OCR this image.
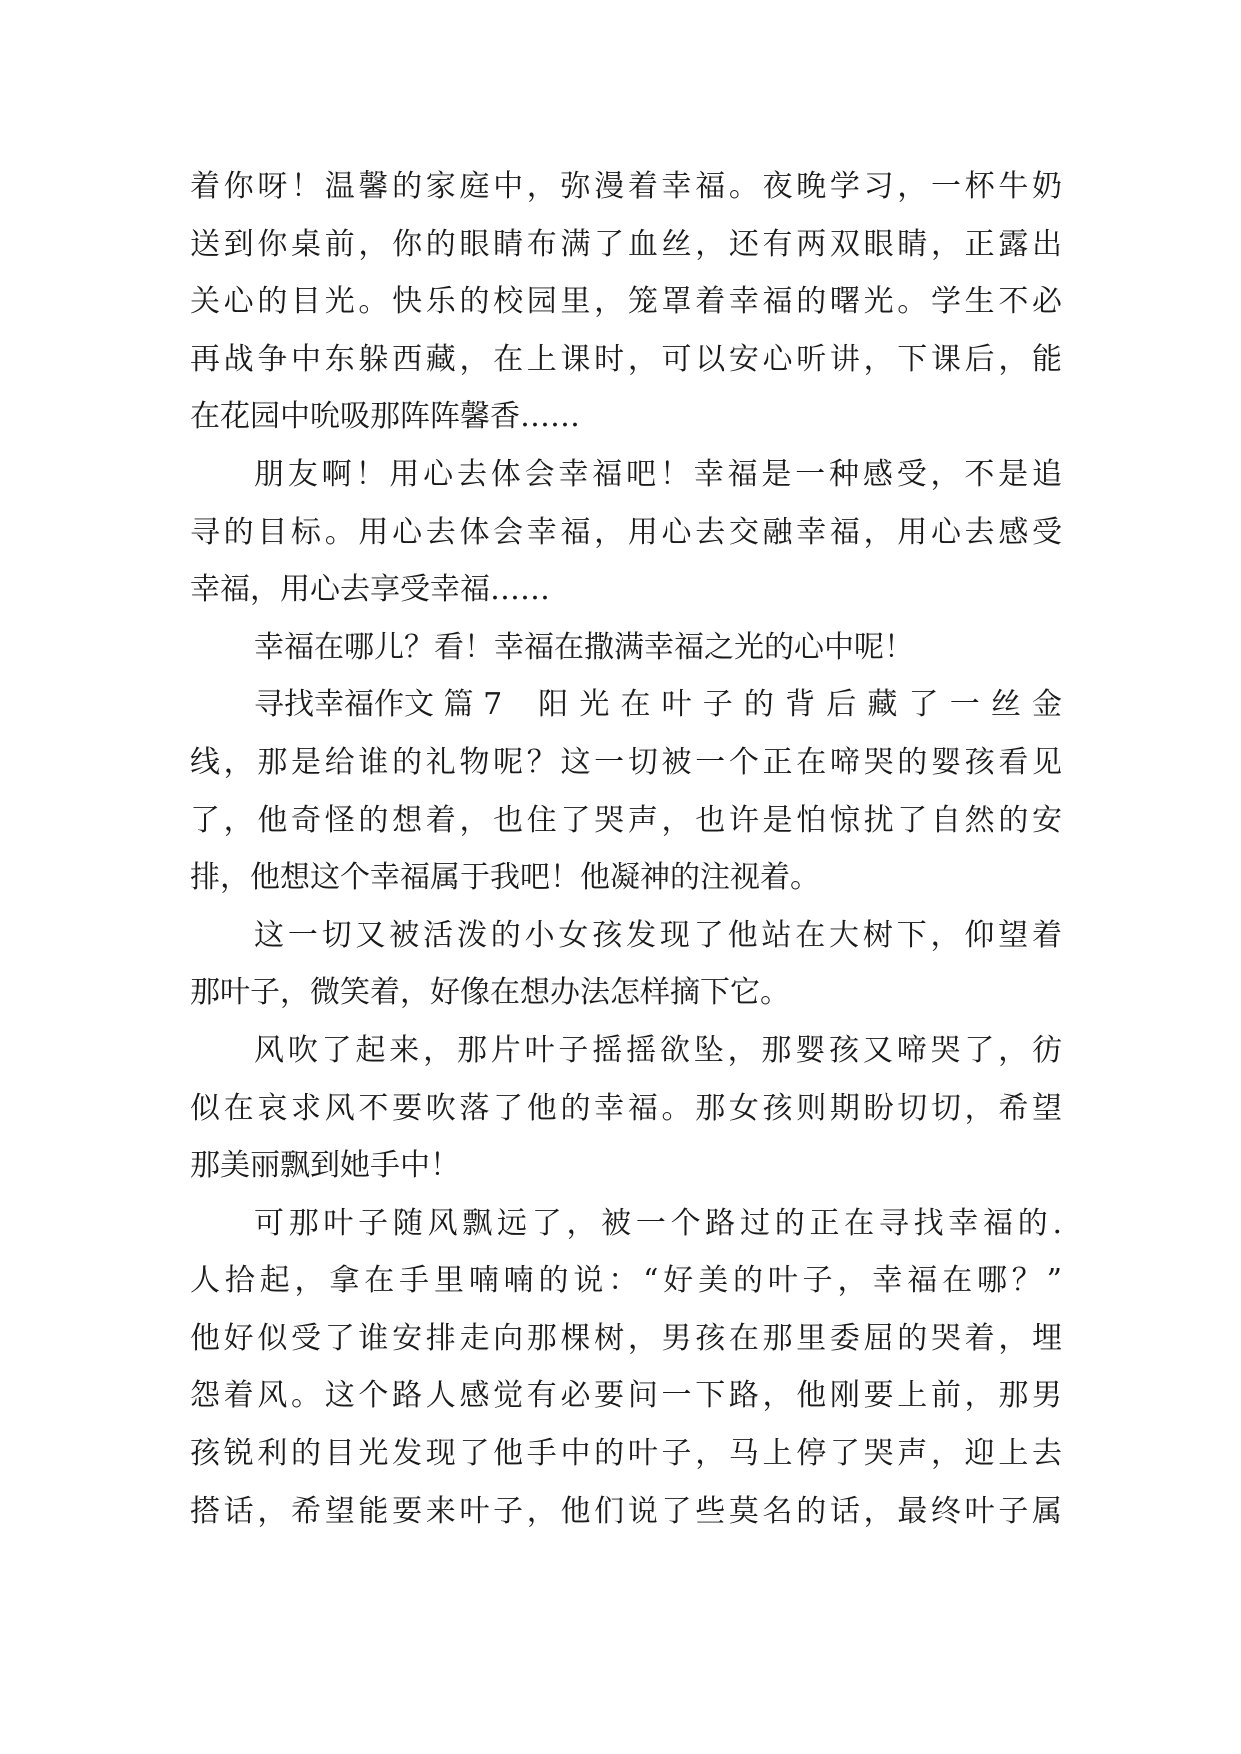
着你呀！温馨的家庭中，弥漫着幸福。夜晚学习，一杯牛奶
送到你桌前，你的眼睛布满了血丝，还有两双眼睛，正露出
关心的目光。快乐的校园里，笼罩着幸福的曙光。学生不必
再战争中东躲西藏，在上课时，可以安心听讲，下课后，能
在花园中吮吸那阵阵馨香……
朋友啊！用心去体会幸福吧！幸福是一种感受，不是追
寻的目标。用心去体会幸福，用心去交融幸福，用心去感受
幸福，用心去享受幸福……
幸福在哪儿？看！幸福在撒满幸福之光的心中呢！
寻找幸福作文 篇 7 阳光在叶子的背后藏了一丝金
线，那是给谁的礼物呢？这一切被一个正在啼哭的婴孩看见
了，他奇怪的想着，也住了哭声，也许是怕惊扰了自然的安
排，他想这个幸福属于我吧！他凝神的注视着。
这一切又被活泼的小女孩发现了他站在大树下，仰望着
那叶子，微笑着，好像在想办法怎样摘下它。
风吹了起来，那片叶子摇摇欲坠，那婴孩又啼哭了，彷
似在哀求风不要吹落了他的幸福。那女孩则期盼切切，希望
那美丽飘到她手中！
可那叶子随风飘远了，被一个路过的正在寻找幸福的.
人拾起，拿在手里喃喃的说：“好美的叶子，幸福在哪？”
他好似受了谁安排走向那棵树，男孩在那里委屈的哭着，埋
怨着风。这个路人感觉有必要问一下路，他刚要上前，那男
孩锐利的目光发现了他手中的叶子，马上停了哭声，迎上去
搭话，希望能要来叶子，他们说了些莫名的话，最终叶子属
